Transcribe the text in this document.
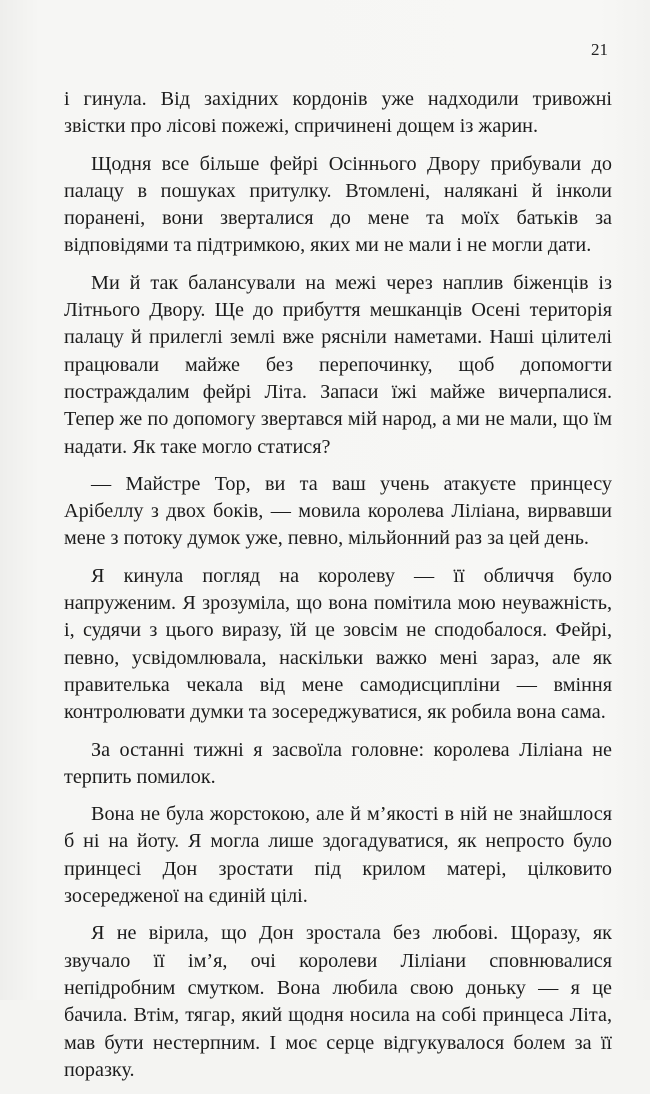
21

і гинула. Від західних кордонів уже надходили тривожні звістки про лісові пожежі, спричинені дощем із жарин.

Щодня все більше фейрі Осіннього Двору прибували до палацу в пошуках притулку. Втомлені, налякані й інколи поранені, вони зверталися до мене та моїх батьків за відповідями та підтримкою, яких ми не мали і не могли дати.

Ми й так балансували на межі через наплив біженців із Літнього Двору. Ще до прибуття мешканців Осені територія палацу й прилеглі землі вже рясніли наметами. Наші цілителі працювали майже без перепочинку, щоб допомогти постраждалим фейрі Літа. Запаси їжі майже вичерпалися. Тепер же по допомогу звертався мій народ, а ми не мали, що їм надати. Як таке могло статися?

— Майстре Тор, ви та ваш учень атакуєте принцесу Арібеллу з двох боків, — мовила королева Ліліана, вирвавши мене з потоку думок уже, певно, мільйонний раз за цей день.

Я кинула погляд на королеву — її обличчя було напруженим. Я зрозуміла, що вона помітила мою неуважність, і, судячи з цього виразу, їй це зовсім не сподобалося. Фейрі, певно, усвідомлювала, наскільки важко мені зараз, але як правителька чекала від мене самодисципліни — вміння контролювати думки та зосереджуватися, як робила вона сама.

За останні тижні я засвоїла головне: королева Ліліана не терпить помилок.

Вона не була жорстокою, але й м’якості в ній не знайшлося б ні на йоту. Я могла лише здогадуватися, як непросто було принцесі Дон зростати під крилом матері, цілковито зосередженої на єдиній цілі.

Я не вірила, що Дон зростала без любові. Щоразу, як звучало її ім’я, очі королеви Ліліани сповнювалися непідробним смутком. Вона любила свою доньку — я це бачила. Втім, тягар, який щодня носила на собі принцеса Літа, мав бути нестерпним. І моє серце відгукувалося болем за її поразку.
